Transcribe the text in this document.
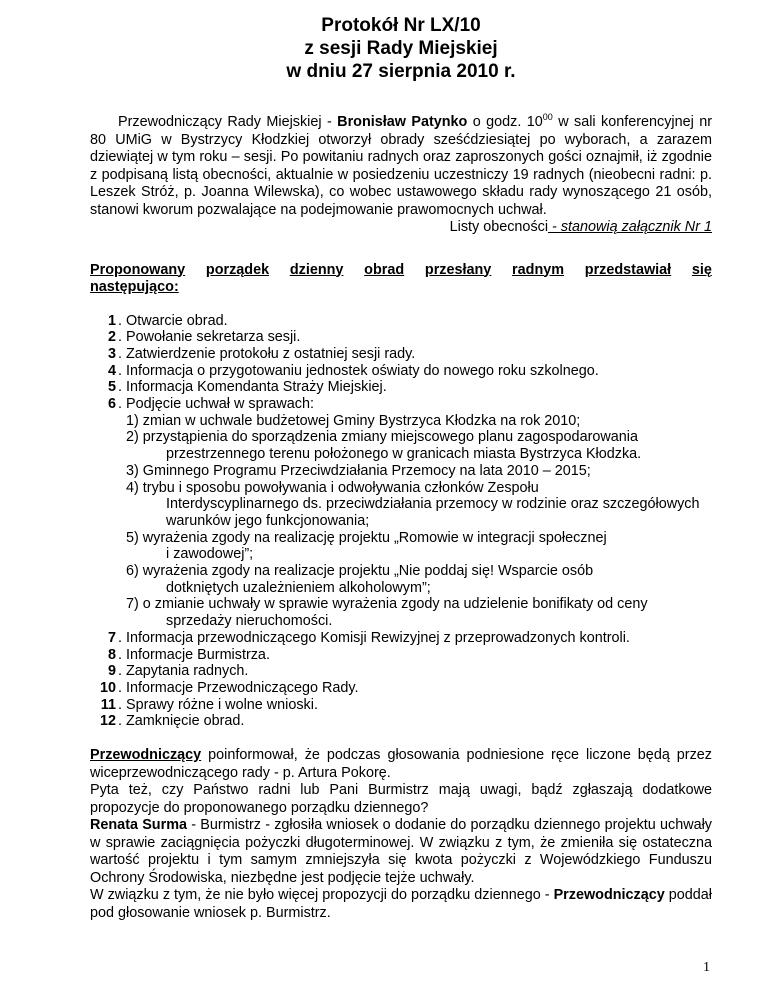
Protokół Nr LX/10
z sesji Rady Miejskiej
w dniu 27 sierpnia 2010 r.

Przewodniczący Rady Miejskiej - Bronisław Patynko o godz. $10^{00}$ w sali konferencyjnej nr 80 UMiG w Bystrzycy Kłodzkiej otworzył obrady sześćdziesiątej po wyborach, a zarazem dziewiątej w tym roku – sesji. Po powitaniu radnych oraz zaproszonych gości oznajmił, iż zgodnie z podpisaną listą obecności, aktualnie w posiedzeniu uczestniczy 19 radnych (nieobecni radni: p. Leszek Stróż, p. Joanna Wilewska), co wobec ustawowego składu rady wynoszącego 21 osób, stanowi kworum pozwalające na podejmowanie prawomocnych uchwał.

Listy obecności - stanowią załącznik Nr 1
Proponowany porządek dzienny obrad przesłany radnym przedstawiał się
następująco:
1 . Otwarcie obrad.
2 . Powołanie sekretarza sesji.
3 . Zatwierdzenie protokołu z ostatniej sesji rady.
4 . Informacja o przygotowaniu jednostek oświaty do nowego roku szkolnego.
5 . Informacja Komendanta Straży Miejskiej.
6 . Podjęcie uchwał w sprawach:
1) zmian w uchwale budżetowej Gminy Bystrzyca Kłodzka na rok 2010;
2) przystąpienia do sporządzenia zmiany miejscowego planu zagospodarowania
przestrzennego terenu położonego w granicach miasta Bystrzyca Kłodzka.
3) Gminnego Programu Przeciwdziałania Przemocy na lata 2010 – 2015;
4) trybu i sposobu powoływania i odwoływania członków Zespołu
Interdyscyplinarnego ds. przeciwdziałania przemocy w rodzinie oraz szczegółowych warunków jego funkcjonowania;
5) wyrażenia zgody na realizację projektu „Romowie w integracji społecznej
i zawodowej”;
6) wyrażenia zgody na realizacje projektu „Nie poddaj się! Wsparcie osób
dotkniętych uzależnieniem alkoholowym”;
7) o zmianie uchwały w sprawie wyrażenia zgody na udzielenie bonifikaty od ceny
sprzedaży nieruchomości.
7 . Informacja przewodniczącego Komisji Rewizyjnej z przeprowadzonych kontroli.
8 . Informacje Burmistrza.
9 . Zapytania radnych.
10 . Informacje Przewodniczącego Rady.
11 . Sprawy różne i wolne wnioski.
12 . Zamknięcie obrad.

Przewodniczący poinformował, że podczas głosowania podniesione ręce liczone będą przez wiceprzewodniczącego rady - p. Artura Pokorę.

Pyta też, czy Państwo radni lub Pani Burmistrz mają uwagi, bądź zgłaszają dodatkowe propozycje do proponowanego porządku dziennego?

Renata Surma - Burmistrz - zgłosiła wniosek o dodanie do porządku dziennego projektu uchwały w sprawie zaciągnięcia pożyczki długoterminowej. W związku z tym, że zmieniła się ostateczna wartość projektu i tym samym zmniejszyła się kwota pożyczki z Wojewódzkiego Funduszu Ochrony Środowiska, niezbędne jest podjęcie tejże uchwały.

W związku z tym, że nie było więcej propozycji do porządku dziennego - Przewodniczący poddał pod głosowanie wniosek p. Burmistrz.

1
